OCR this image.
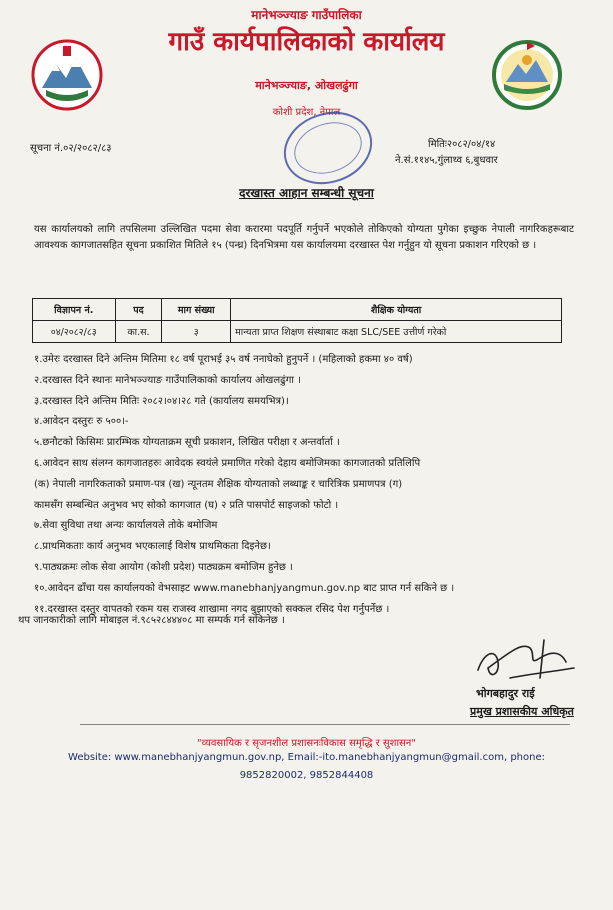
मानेभञ्ज्याङ गाउँपालिका
गाउँ कार्यपालिकाको कार्यालय
मानेभञ्ज्याङ, ओखलढुंगा
कोशी प्रदेश, नेपाल
सूचना नं.०२/२०८२/८३	मितिः२०८२/०४/१४
ने.सं.११४५,गुंलाथ्व ६,बुधवार
दरखास्त आहान सम्बन्धी सूचना
यस कार्यालयको लागि तपसिलमा उल्लिखित पदमा सेवा करारमा पदपूर्ति गर्नुपर्ने भएकोले तोकिएको योग्यता पुगेका इच्छुक नेपाली नागरिकहरूबाट आवश्यक कागजातसहित सूचना प्रकाशित मितिले १५ (पन्ध्र) दिनभित्रमा यस कार्यालयमा दरखास्त पेश गर्नुहुन यो सूचना प्रकाशन गरिएको छ ।
विज्ञापन नं.	पद	माग संख्या	शैक्षिक योग्यता
०४/२०८२/८३	का.स.	३	मान्यता प्राप्त शिक्षण संस्थाबाट कक्षा SLC/SEE उत्तीर्ण गरेको
१.उमेरः दरखास्त दिने अन्तिम मितिमा १८ वर्ष पूराभई ३५ वर्ष ननाघेको हुनुपर्ने । (महिलाको हकमा ४० वर्ष)
२.दरखास्त दिने स्थानः मानेभञ्ज्याङ गाउँपालिकाको कार्यालय ओखलढुंगा ।
३.दरखास्त दिने अन्तिम मितिः २०८२।०४।२८ गते (कार्यालय समयभित्र)।
४.आवेदन दस्तुरः रु ५००।-
५.छनौटको किसिमः प्रारम्भिक योग्यताक्रम सूची प्रकाशन, लिखित परीक्षा र अन्तर्वार्ता ।
६.आवेदन साथ संलग्न कागजातहरुः आवेदक स्वयंले प्रमाणित गरेको देहाय बमोजिमका कागजातको प्रतिलिपि
(क) नेपाली नागरिकताको प्रमाण-पत्र (ख) न्यूनतम शैक्षिक योग्यताको लब्धाङ्क र चारित्रिक प्रमाणपत्र (ग)
कामसँग सम्बन्धित अनुभव भए सोको कागजात (घ) २ प्रति पासपोर्ट साइजको फोटो ।
७.सेवा सुविधा तथा अन्यः कार्यालयले तोके बमोजिम
८.प्राथमिकताः कार्य अनुभव भएकालाई विशेष प्राथमिकता दिइनेछ।
९.पाठ्यक्रमः लोक सेवा आयोग (कोशी प्रदेश) पाठ्यक्रम बमोजिम हुनेछ ।
१०.आवेदन ढाँचा यस कार्यालयको वेभसाइट www.manebhanjyangmun.gov.np बाट प्राप्त गर्न सकिने छ ।
११.दरखास्त दस्तुर वापतको रकम यस राजस्व शाखामा नगद बुझाएको सक्कल रसिद पेश गर्नुपर्नेछ ।
थप जानकारीको लागि मोबाइल नं.९८५२८४४४०८ मा सम्पर्क गर्न सकिनेछ ।
भोगबहादुर राई
प्रमुख प्रशासकीय अधिकृत
"व्यवसायिक र सृजनशील प्रशासनःविकास समृद्धि र सुशासन"
Website: www.manebhanjyangmun.gov.np, Email:-ito.manebhanjyangmun@gmail.com, phone:
9852820002, 9852844408
